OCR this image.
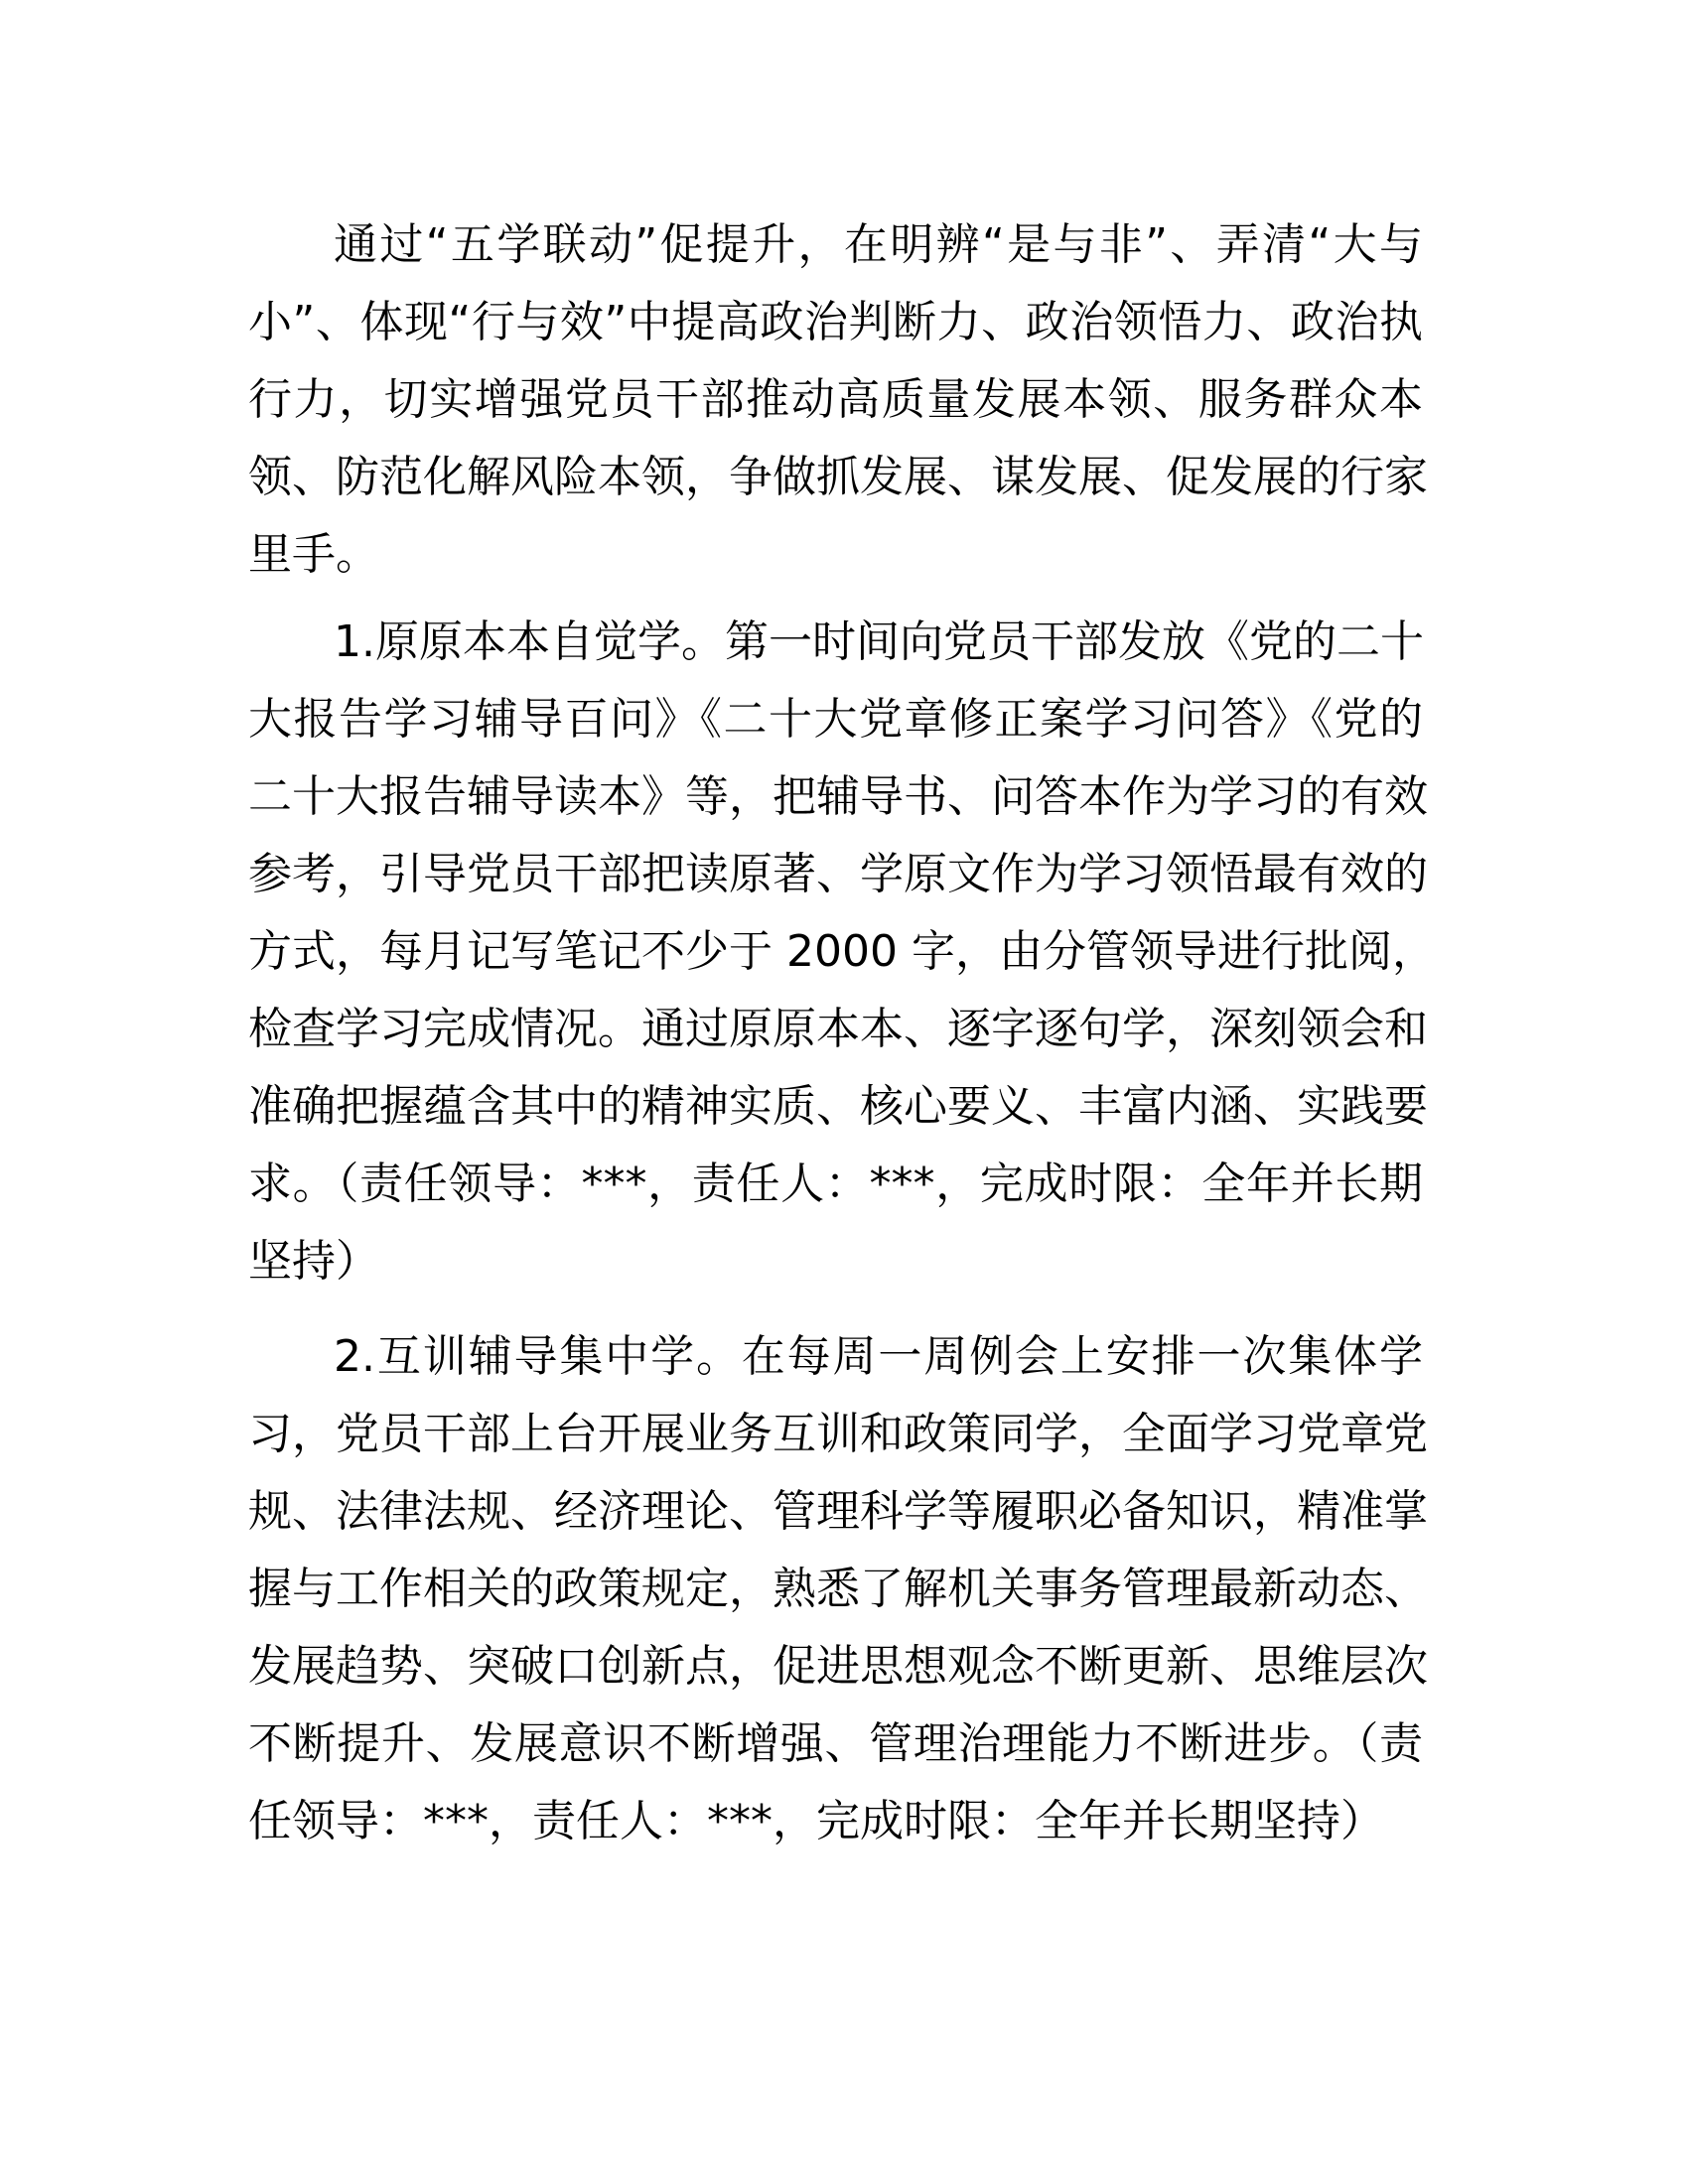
通过“五学联动”促提升，在明辨“是与非”、弄清“大与
小”、体现“行与效”中提高政治判断力、政治领悟力、政治执
行力，切实增强党员干部推动高质量发展本领、服务群众本
领、防范化解风险本领，争做抓发展、谋发展、促发展的行家
里手。
1.原原本本自觉学。第一时间向党员干部发放《党的二十
大报告学习辅导百问》《二十大党章修正案学习问答》《党的
二十大报告辅导读本》等，把辅导书、问答本作为学习的有效
参考，引导党员干部把读原著、学原文作为学习领悟最有效的
方式，每月记写笔记不少于 2000 字，由分管领导进行批阅，
检查学习完成情况。通过原原本本、逐字逐句学，深刻领会和
准确把握蕴含其中的精神实质、核心要义、丰富内涵、实践要
求。（责任领导：***，责任人：***，完成时限：全年并长期
坚持）
2.互训辅导集中学。在每周一周例会上安排一次集体学
习，党员干部上台开展业务互训和政策同学，全面学习党章党
规、法律法规、经济理论、管理科学等履职必备知识，精准掌
握与工作相关的政策规定，熟悉了解机关事务管理最新动态、
发展趋势、突破口创新点，促进思想观念不断更新、思维层次
不断提升、发展意识不断增强、管理治理能力不断进步。（责
任领导：***，责任人：***，完成时限：全年并长期坚持）
